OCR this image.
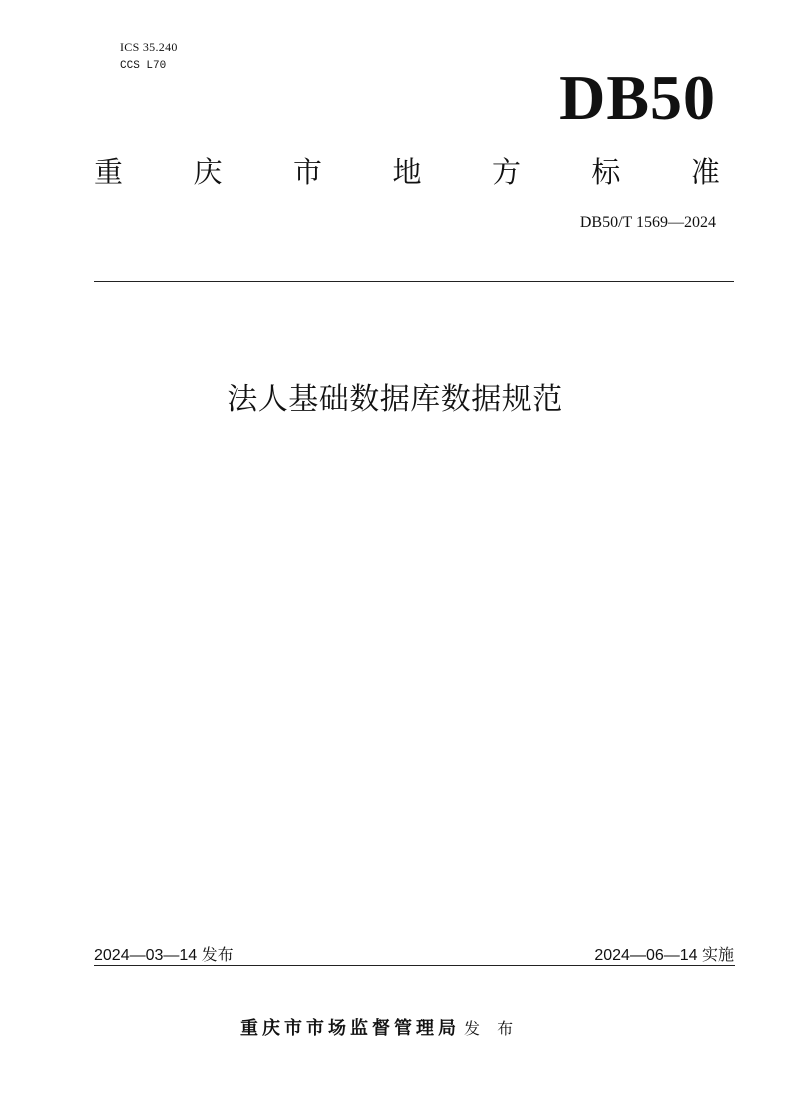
ICS 35.240
CCS L70	DB50
重 庆 市 地 方 标 准
DB50/T 1569—2024
法人基础数据库数据规范
2024—03—14 发布	2024—06—14 实施
重庆市市场监督管理局 发 布
